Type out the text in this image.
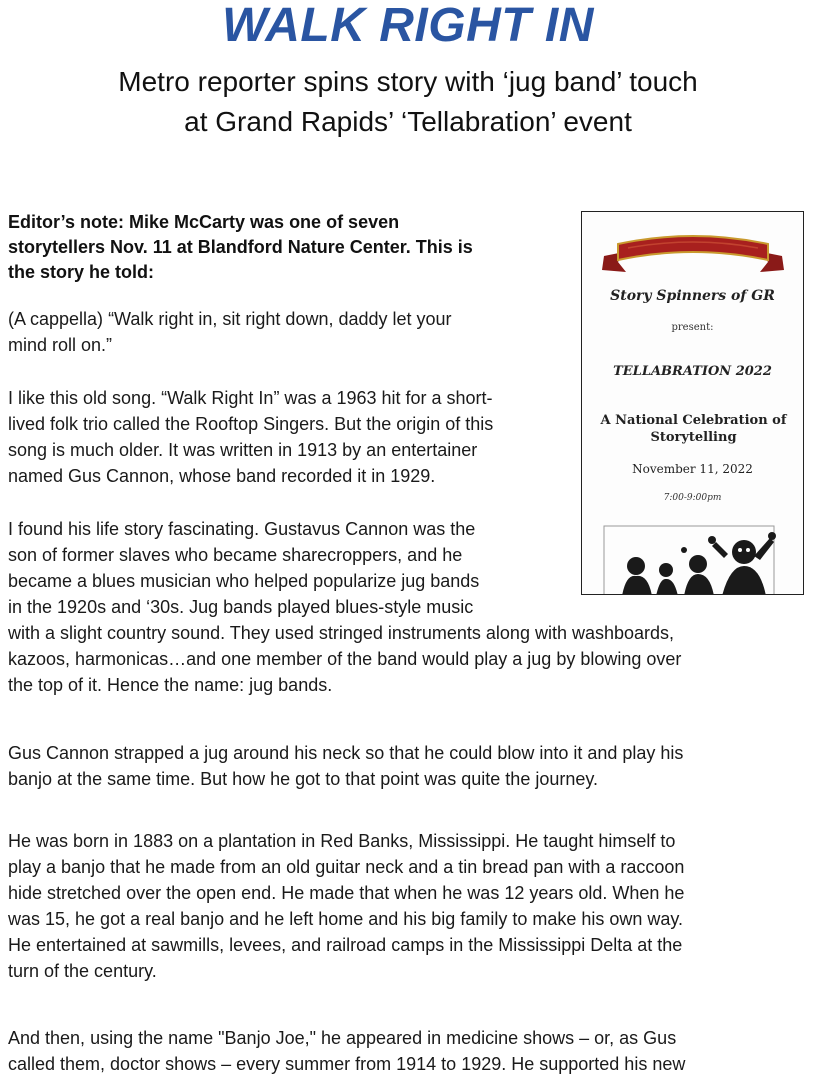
WALK RIGHT IN
Metro reporter spins story with ‘jug band’ touch
at Grand Rapids’ ‘Tellabration’ event
Story Spinners of GR
present:
TELLABRATION 2022
A National Celebration of
Storytelling
November 11, 2022
7:00-9:00pm
Editor’s note: Mike McCarty was one of seven
storytellers Nov. 11 at Blandford Nature Center. This is
the story he told:
(A cappella) “Walk right in, sit right down, daddy let your
mind roll on.”
I like this old song. “Walk Right In” was a 1963 hit for a short-
lived folk trio called the Rooftop Singers. But the origin of this
song is much older. It was written in 1913 by an entertainer
named Gus Cannon, whose band recorded it in 1929.
I found his life story fascinating. Gustavus Cannon was the
son of former slaves who became sharecroppers, and he
became a blues musician who helped popularize jug bands
in the 1920s and ‘30s. Jug bands played blues-style music
with a slight country sound. They used stringed instruments along with washboards,
kazoos, harmonicas…and one member of the band would play a jug by blowing over
the top of it. Hence the name: jug bands.
Gus Cannon strapped a jug around his neck so that he could blow into it and play his
banjo at the same time. But how he got to that point was quite the journey.
He was born in 1883 on a plantation in Red Banks, Mississippi. He taught himself to
play a banjo that he made from an old guitar neck and a tin bread pan with a raccoon
hide stretched over the open end. He made that when he was 12 years old. When he
was 15, he got a real banjo and he left home and his big family to make his own way.
He entertained at sawmills, levees, and railroad camps in the Mississippi Delta at the
turn of the century.
And then, using the name "Banjo Joe," he appeared in medicine shows – or, as Gus
called them, doctor shows – every summer from 1914 to 1929. He supported his new
